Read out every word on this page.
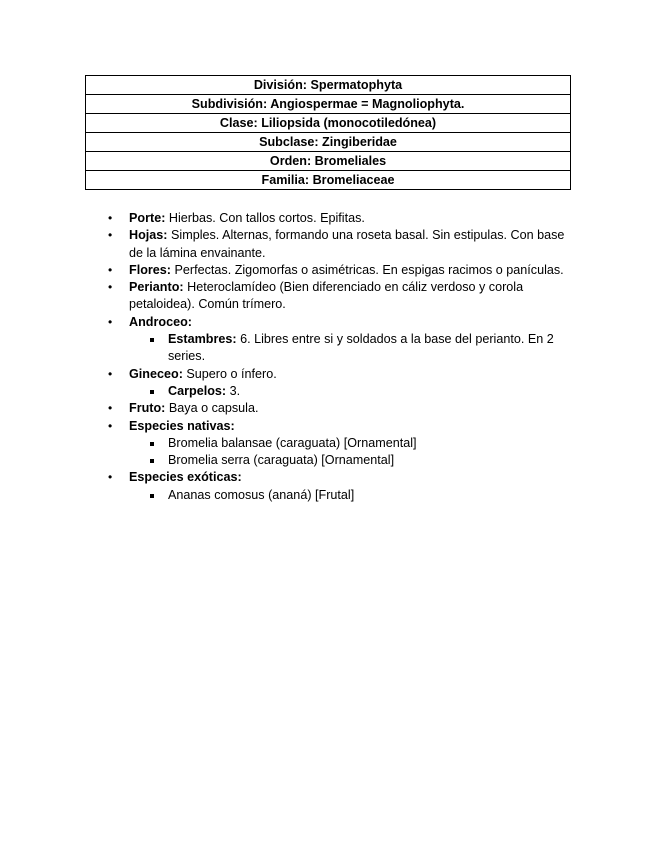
División: Spermatophyta
Subdivisión: Angiospermae = Magnoliophyta.
Clase: Liliopsida (monocotiledónea)
Subclase: Zingiberidae
Orden: Bromeliales
Familia: Bromeliaceae
• Porte: Hierbas. Con tallos cortos. Epifitas.
• Hojas: Simples. Alternas, formando una roseta basal. Sin estipulas. Con base de la lámina envainante.
• Flores: Perfectas. Zigomorfas o asimétricas. En espigas racimos o panículas.
• Perianto: Heteroclamídeo (Bien diferenciado en cáliz verdoso y corola petaloidea). Común trímero.
• Androceo:
Estambres: 6. Libres entre si y soldados a la base del perianto. En 2 series.
• Gineceo: Supero o ínfero.
Carpelos: 3.
• Fruto: Baya o capsula.
• Especies nativas:
Bromelia balansae (caraguata) [Ornamental]
Bromelia serra (caraguata) [Ornamental]
• Especies exóticas:
Ananas comosus (ananá) [Frutal]
